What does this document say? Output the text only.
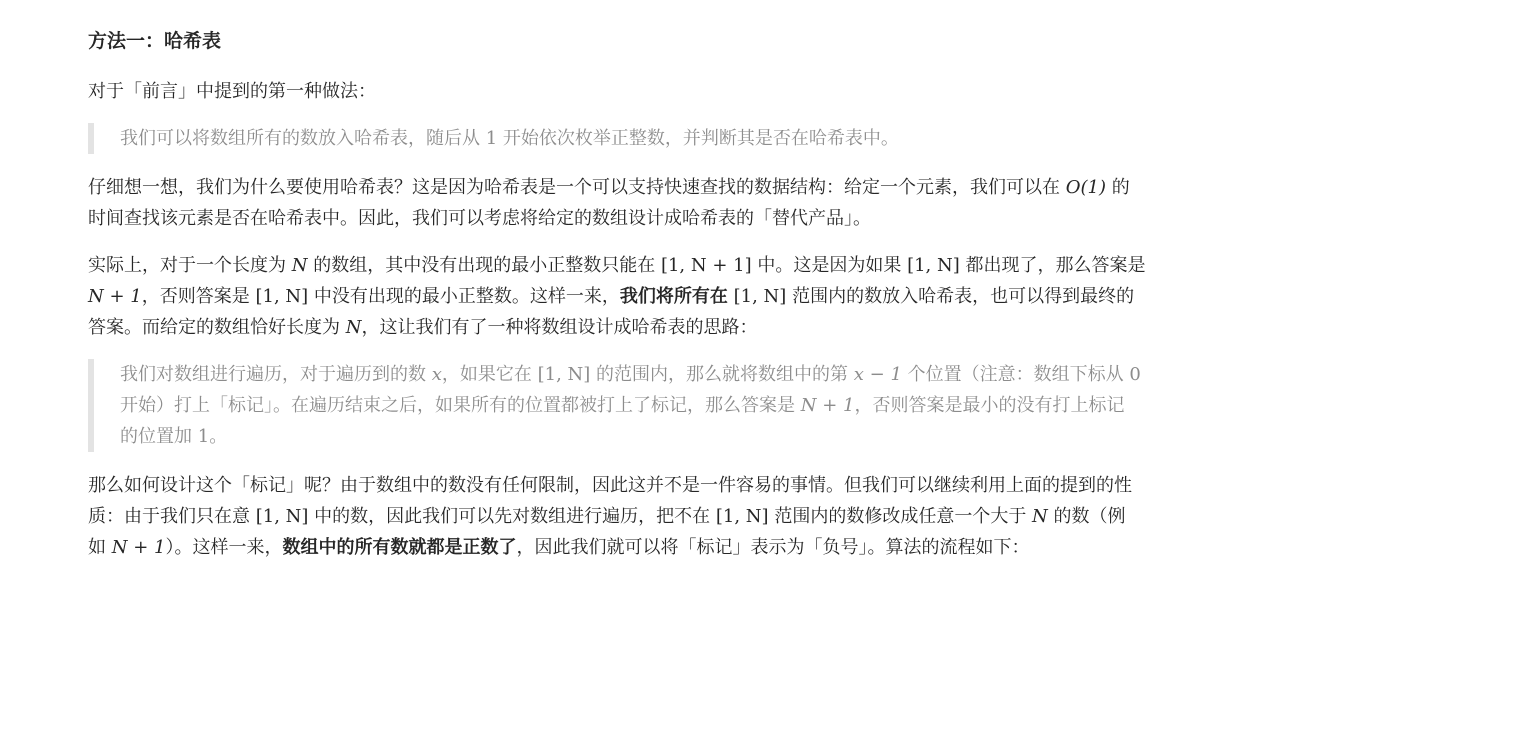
方法一：哈希表
对于「前言」中提到的第一种做法：
我们可以将数组所有的数放入哈希表，随后从 1 开始依次枚举正整数，并判断其是否在哈希表中。
仔细想一想，我们为什么要使用哈希表？这是因为哈希表是一个可以支持快速查找的数据结构：给定一个元素，我们可以在 O(1) 的
时间查找该元素是否在哈希表中。因此，我们可以考虑将给定的数组设计成哈希表的「替代产品」。
实际上，对于一个长度为 N 的数组，其中没有出现的最小正整数只能在 [1, N + 1] 中。这是因为如果 [1, N] 都出现了，那么答案是
N + 1，否则答案是 [1, N] 中没有出现的最小正整数。这样一来，我们将所有在 [1, N] 范围内的数放入哈希表，也可以得到最终的
答案。而给定的数组恰好长度为 N，这让我们有了一种将数组设计成哈希表的思路：
我们对数组进行遍历，对于遍历到的数 x，如果它在 [1, N] 的范围内，那么就将数组中的第 x − 1 个位置（注意：数组下标从 0
开始）打上「标记」。在遍历结束之后，如果所有的位置都被打上了标记，那么答案是 N + 1，否则答案是最小的没有打上标记
的位置加 1。
那么如何设计这个「标记」呢？由于数组中的数没有任何限制，因此这并不是一件容易的事情。但我们可以继续利用上面的提到的性
质：由于我们只在意 [1, N] 中的数，因此我们可以先对数组进行遍历，把不在 [1, N] 范围内的数修改成任意一个大于 N 的数（例
如 N + 1）。这样一来，数组中的所有数就都是正数了，因此我们就可以将「标记」表示为「负号」。算法的流程如下：
